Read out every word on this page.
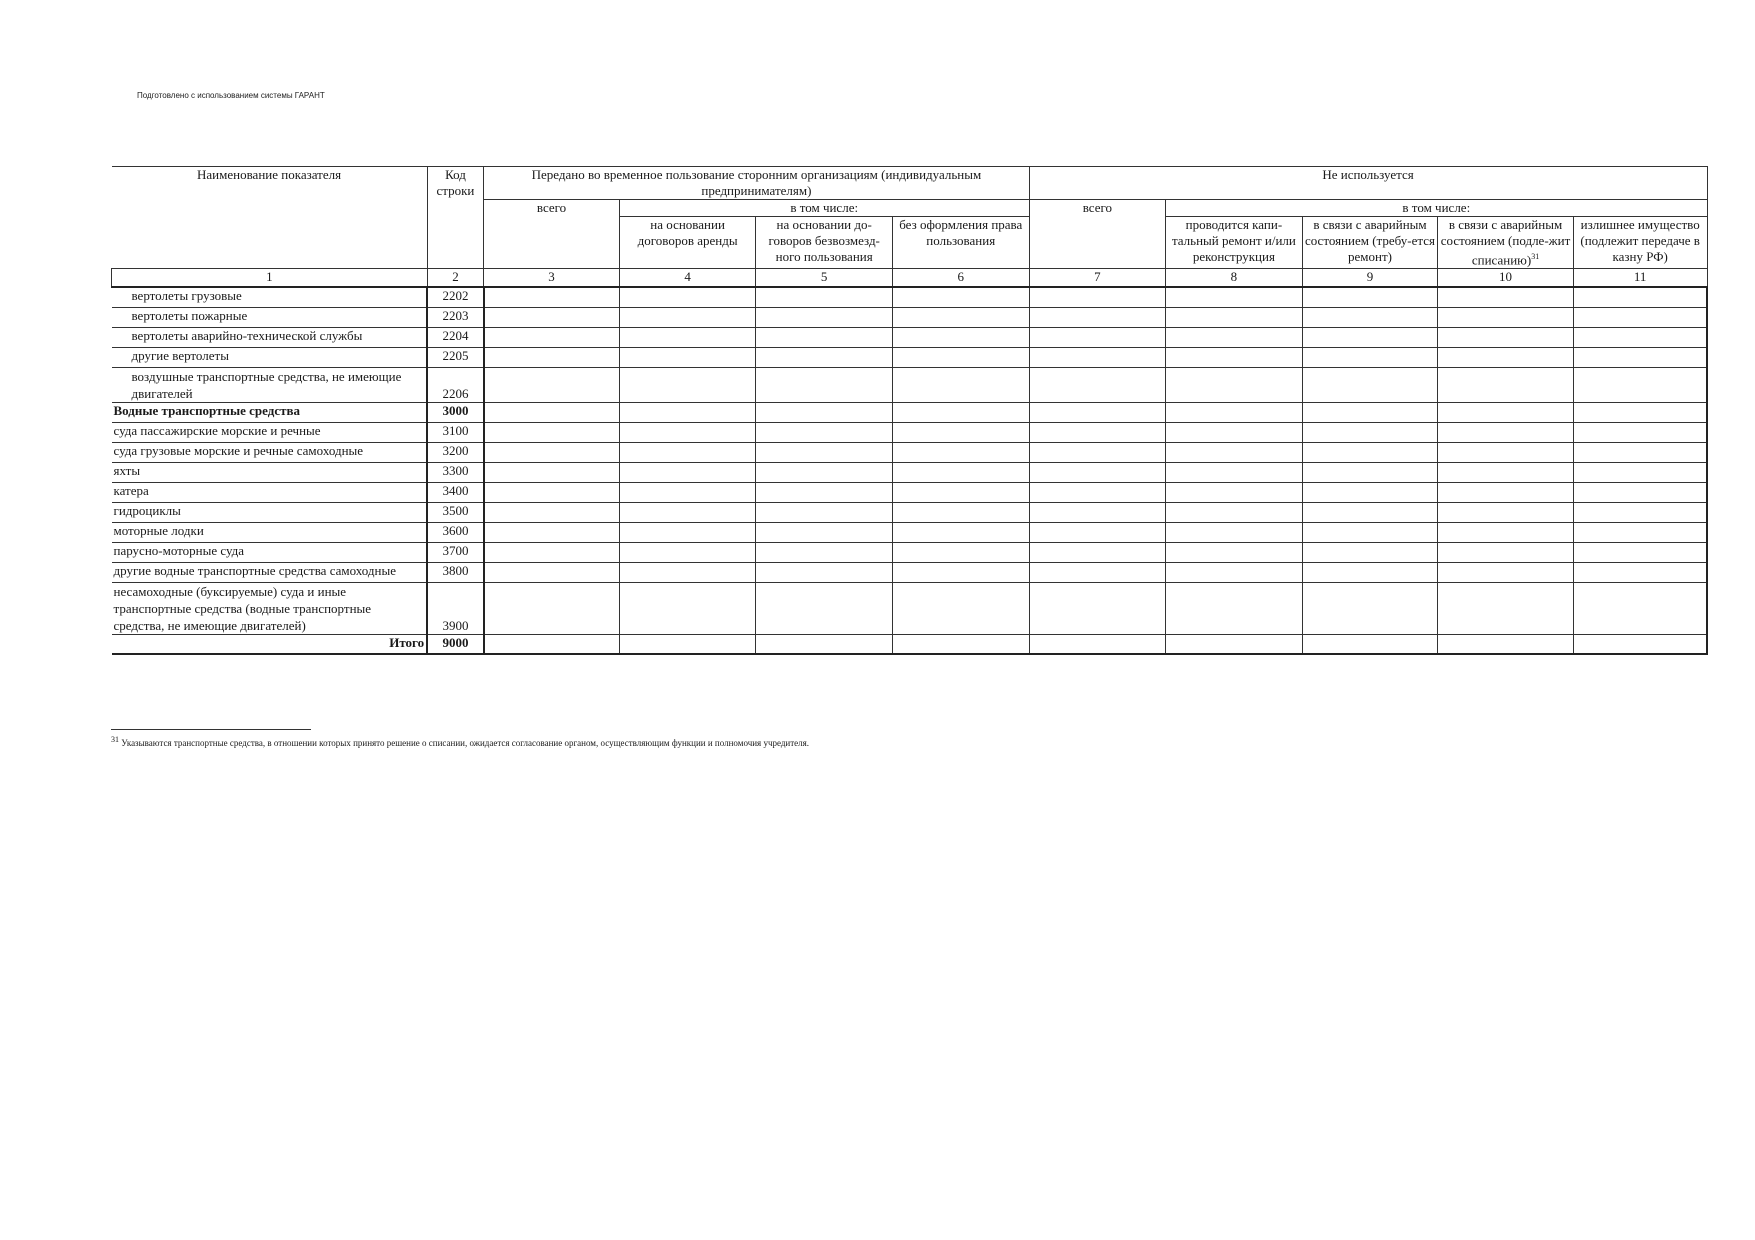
Подготовлено с использованием системы ГАРАНТ
Наименование показателя	Код строки	Передано во временное пользование сторонним организациям (индивидуальным предпринимателям)				Не используется				
		всего	в том числе:			всего	в том числе:			
			на основании договоров аренды	на основании до-говоров безвозмезд-ного пользования	без оформления права пользования		проводится капи-тальный ремонт и/или реконструкция	в связи с аварийным состоянием (требу-ется ремонт)	в связи с аварийным состоянием (подле-жит списанию)$^{31}$	излишнее имущество (подлежит передаче в казну РФ)
1	2	3	4	5	6	7	8	9	10	11
вертолеты грузовые	2202									
вертолеты пожарные	2203									
вертолеты аварийно-технической службы	2204									
другие вертолеты	2205									
воздушные транспортные средства, не имеющие двигателей	2206									
Водные транспортные средства	3000									
суда пассажирские морские и речные	3100									
суда грузовые морские и речные самоходные	3200									
яхты	3300									
катера	3400									
гидроциклы	3500									
моторные лодки	3600									
парусно-моторные суда	3700									
другие водные транспортные средства самоходные	3800									
несамоходные (буксируемые) суда и иные транспортные средства (водные транспортные средства, не имеющие двигателей)	3900									
Итого	9000									
$^{31}$ Указываются транспортные средства, в отношении которых принято решение о списании, ожидается согласование органом, осуществляющим функции и полномочия учредителя.
